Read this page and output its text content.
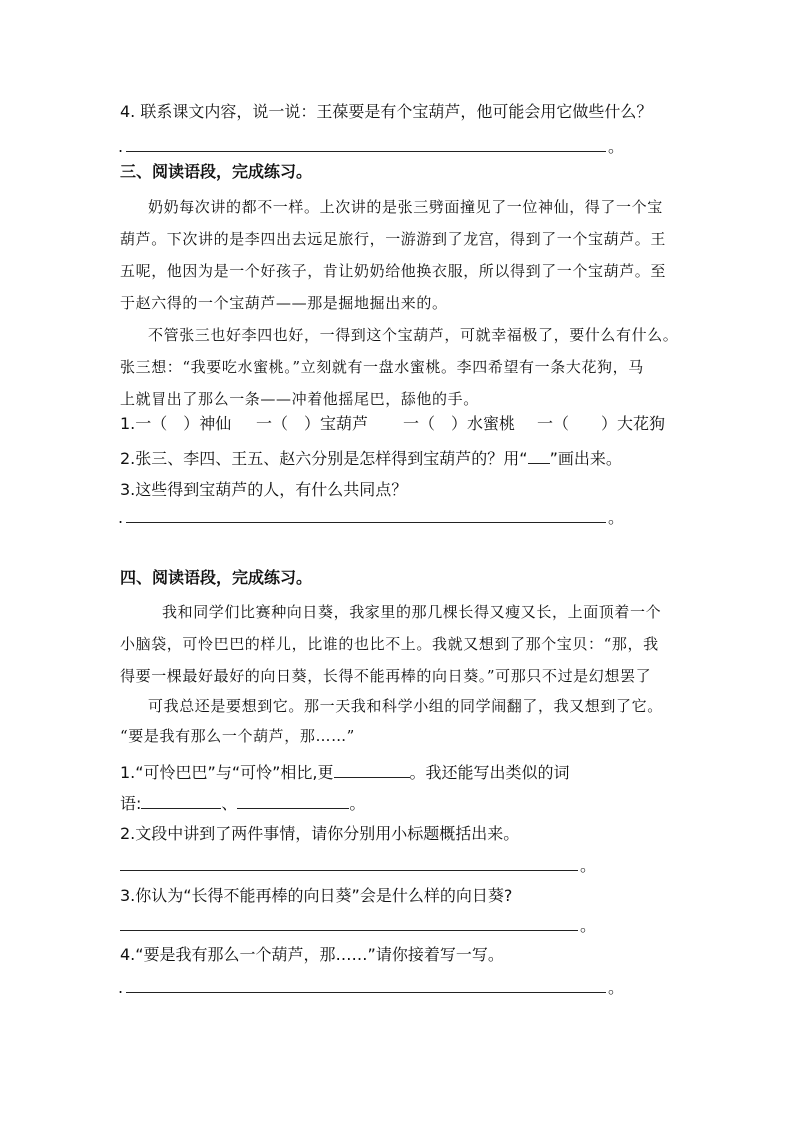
4. 联系课文内容，说一说：王葆要是有个宝葫芦，他可能会用它做些什么？
.	。
三、阅读语段，完成练习。
奶奶每次讲的都不一样。上次讲的是张三劈面撞见了一位神仙，得了一个宝
葫芦。下次讲的是李四出去远足旅行，一游游到了龙宫，得到了一个宝葫芦。王
五呢，他因为是一个好孩子，肯让奶奶给他换衣服，所以得到了一个宝葫芦。至
于赵六得的一个宝葫芦——那是掘地掘出来的。
不管张三也好李四也好，一得到这个宝葫芦，可就幸福极了，要什么有什么。
张三想：“我要吃水蜜桃。”立刻就有一盘水蜜桃。李四希望有一条大花狗，马
上就冒出了那么一条——冲着他摇尾巴，舔他的手。
1.一（　）神仙 一（　）宝葫芦 一（　）水蜜桃 一（　　）大花狗
2.张三、李四、王五、赵六分别是怎样得到宝葫芦的？用“ ”画出来。
3.这些得到宝葫芦的人，有什么共同点？
.	。
四、阅读语段，完成练习。
我和同学们比赛种向日葵，我家里的那几棵长得又瘦又长，上面顶着一个
小脑袋，可怜巴巴的样儿，比谁的也比不上。我就又想到了那个宝贝：“那，我
得要一棵最好最好的向日葵，长得不能再棒的向日葵。”可那只不过是幻想罢了
可我总还是要想到它。那一天我和科学小组的同学闹翻了，我又想到了它。
“要是我有那么一个葫芦，那……”
1.“可怜巴巴”与“可怜”相比,更	。我还能写出类似的词
语:	、	。
2.文段中讲到了两件事情，请你分别用小标题概括出来。
。
3.你认为“长得不能再棒的向日葵”会是什么样的向日葵?
。
4.“要是我有那么一个葫芦，那……”请你接着写一写。
.	。
